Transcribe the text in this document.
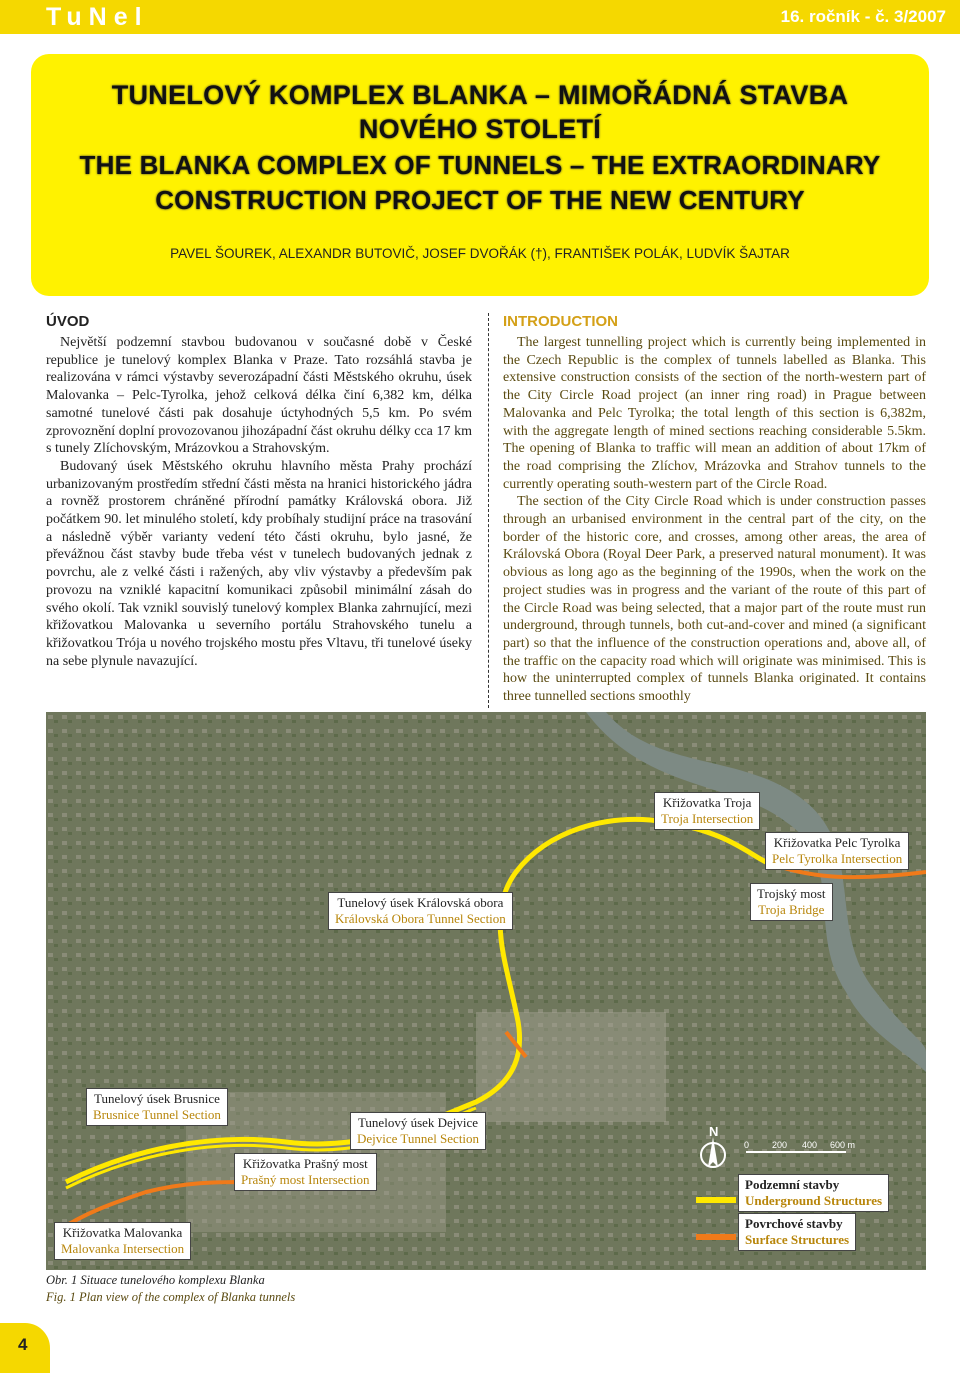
TuNel	16. ročník - č. 3/2007
TUNELOVÝ KOMPLEX BLANKA – MIMOŘÁDNÁ STAVBA
NOVÉHO STOLETÍ
THE BLANKA COMPLEX OF TUNNELS – THE EXTRAORDINARY
CONSTRUCTION PROJECT OF THE NEW CENTURY
PAVEL ŠOUREK, ALEXANDR BUTOVIČ, JOSEF DVOŘÁK (†), FRANTIŠEK POLÁK, LUDVÍK ŠAJTAR
ÚVOD

Největší podzemní stavbou budovanou v současné době v České republice je tunelový komplex Blanka v Praze. Tato rozsáhlá stavba je realizována v rámci výstavby severozápadní části Městského okruhu, úsek Malovanka – Pelc-Tyrolka, jehož celková délka činí 6,382 km, délka samotné tunelové části pak dosahuje úctyhodných 5,5 km. Po svém zprovoznění doplní provozovanou jihozápadní část okruhu délky cca 17 km s tunely Zlíchovským, Mrázovkou a Strahovským.

Budovaný úsek Městského okruhu hlavního města Prahy prochází urbanizovaným prostředím střední části města na hranici historického jádra a rovněž prostorem chráněné přírodní památky Královská obora. Již počátkem 90. let minulého století, kdy probíhaly studijní práce na trasování a následně výběr varianty vedení této části okruhu, bylo jasné, že převážnou část stavby bude třeba vést v tunelech budovaných jednak z povrchu, ale z velké části i ražených, aby vliv výstavby a především pak provozu na vzniklé kapacitní komunikaci způsobil minimální zásah do svého okolí. Tak vznikl souvislý tunelový komplex Blanka zahrnující, mezi křižovatkou Malovanka u severního portálu Strahovského tunelu a křižovatkou Trója u nového trojského mostu přes Vltavu, tři tunelové úseky na sebe plynule navazující.

INTRODUCTION

The largest tunnelling project which is currently being implemented in the Czech Republic is the complex of tunnels labelled as Blanka. This extensive construction consists of the section of the north-western part of the City Circle Road project (an inner ring road) in Prague between Malovanka and Pelc Tyrolka; the total length of this section is 6,382m, with the aggregate length of mined sections reaching considerable 5.5km. The opening of Blanka to traffic will mean an addition of about 17km of the road comprising the Zlíchov, Mrázovka and Strahov tunnels to the currently operating south-western part of the Circle Road.

The section of the City Circle Road which is under construction passes through an urbanised environment in the central part of the city, on the border of the historic core, and crosses, among other areas, the area of Královská Obora (Royal Deer Park, a preserved natural monument). It was obvious as long ago as the beginning of the 1990s, when the work on the project studies was in progress and the variant of the route of this part of the Circle Road was being selected, that a major part of the route must run underground, through tunnels, both cut-and-cover and mined (a significant part) so that the influence of the construction operations and, above all, of the traffic on the capacity road which will originate was minimised. This is how the uninterrupted complex of tunnels Blanka originated. It contains three tunnelled sections smoothly

N
0	200 400 600 m
Křižovatka Troja
Troja Intersection
Křižovatka Pelc Tyrolka
Pelc Tyrolka Intersection
Tunelový úsek Královská obora
Královská Obora Tunnel Section
Trojský most
Troja Bridge
Tunelový úsek Brusnice
Brusnice Tunnel Section
Tunelový úsek Dejvice
Dejvice Tunnel Section
Křižovatka Prašný most
Prašný most Intersection
Křižovatka Malovanka
Malovanka Intersection
Podzemní stavby
Underground Structures
Povrchové stavby
Surface Structures
Obr. 1 Situace tunelového komplexu Blanka
Fig. 1 Plan view of the complex of Blanka tunnels
4
